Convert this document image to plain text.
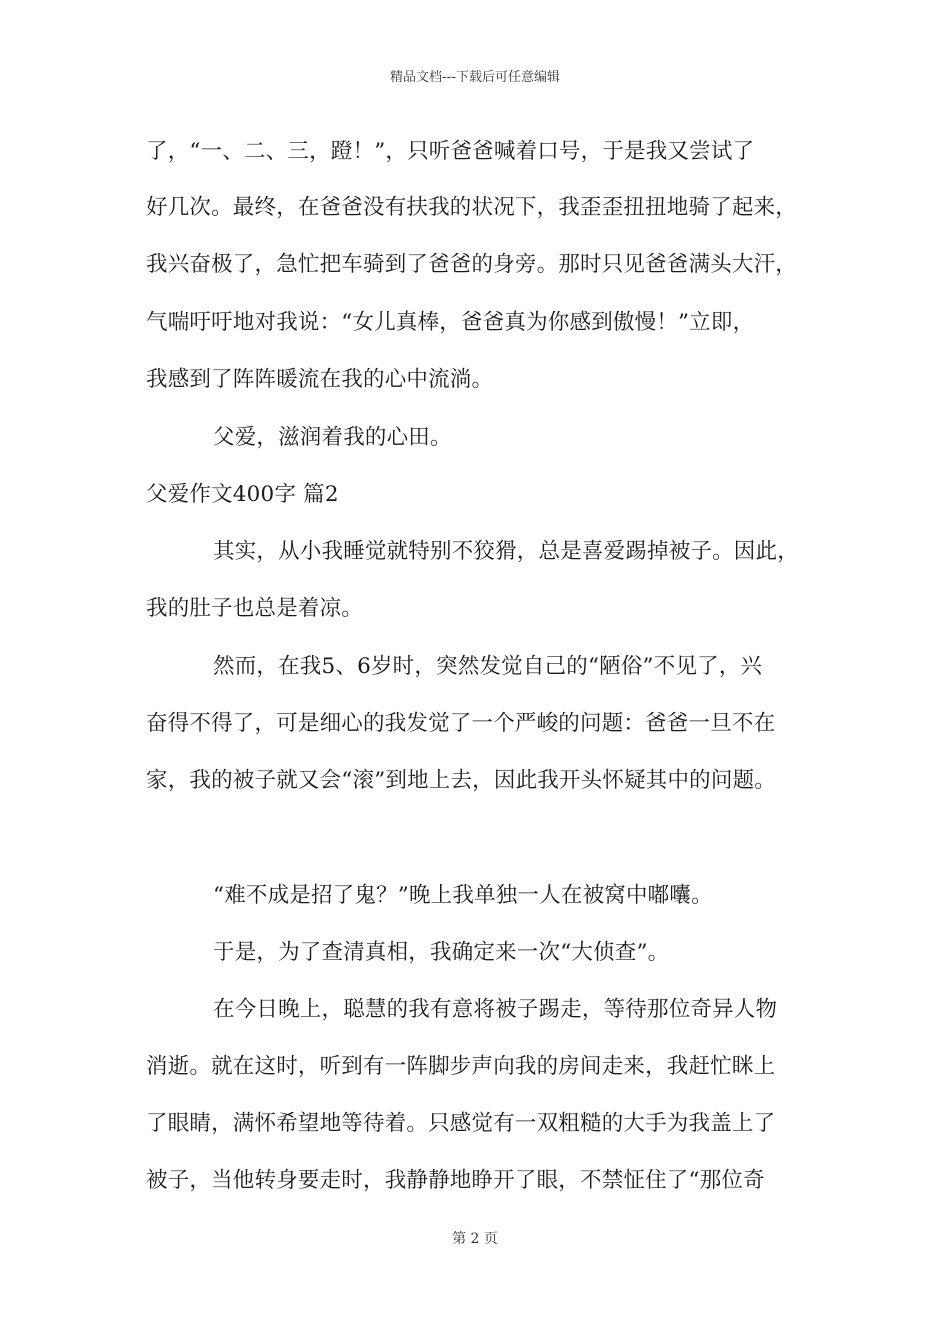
精品文档---下载后可任意编辑
了，“一、二、三，蹬！”，只听爸爸喊着口号，于是我又尝试了
好几次。最终，在爸爸没有扶我的状况下，我歪歪扭扭地骑了起来，
我兴奋极了，急忙把车骑到了爸爸的身旁。那时只见爸爸满头大汗，
气喘吁吁地对我说：“女儿真棒，爸爸真为你感到傲慢！”立即，
我感到了阵阵暖流在我的心中流淌。
父爱，滋润着我的心田。
父爱作文400字 篇2
其实，从小我睡觉就特别不狡猾，总是喜爱踢掉被子。因此，
我的肚子也总是着凉。
然而，在我5、6岁时，突然发觉自己的“陋俗”不见了，兴
奋得不得了，可是细心的我发觉了一个严峻的问题：爸爸一旦不在
家，我的被子就又会“滚”到地上去，因此我开头怀疑其中的问题。
“难不成是招了鬼？”晚上我单独一人在被窝中嘟囔。
于是，为了查清真相，我确定来一次“大侦查”。
在今日晚上，聪慧的我有意将被子踢走，等待那位奇异人物
消逝。就在这时，听到有一阵脚步声向我的房间走来，我赶忙眯上
了眼睛，满怀希望地等待着。只感觉有一双粗糙的大手为我盖上了
被子，当他转身要走时，我静静地睁开了眼，不禁怔住了“那位奇
第 2 页
